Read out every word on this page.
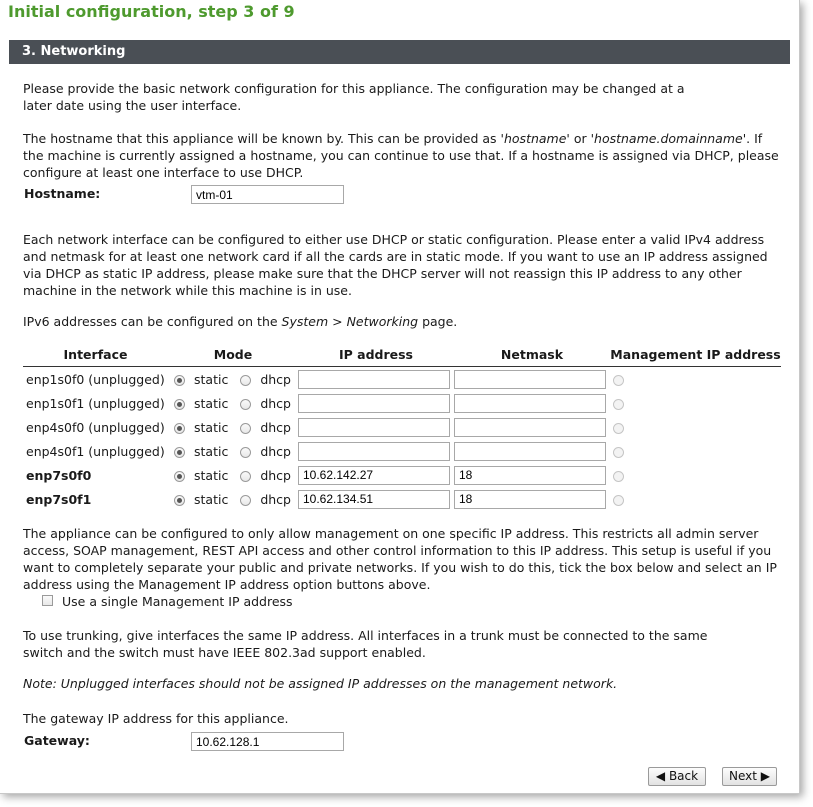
Initial configuration, step 3 of 9
3. Networking

Please provide the basic network configuration for this appliance. The configuration may be changed at a later date using the user interface.

The hostname that this appliance will be known by. This can be provided as 'hostname' or 'hostname.domainname'. If the machine is currently assigned a hostname, you can continue to use that. If a hostname is assigned via DHCP, please configure at least one interface to use DHCP.

Hostname:
vtm-01

Each network interface can be configured to either use DHCP or static configuration. Please enter a valid IPv4 address and netmask for at least one network card if all the cards are in static mode. If you want to use an IP address assigned via DHCP as static IP address, please make sure that the DHCP server will not reassign this IP address to any other machine in the network while this machine is in use.

IPv6 addresses can be configured on the System > Networking page.

Interface	Mode	IP address	Netmask	Management IP address
enp1s0f0 (unplugged)	static dhcp	

enp1s0f1 (unplugged)	static dhcp	

enp4s0f0 (unplugged)	static dhcp	

enp4s0f1 (unplugged)	static dhcp	

enp7s0f0	static dhcp	
10.62.142.27	
18	
enp7s0f1	static dhcp	
10.62.134.51	
18	

The appliance can be configured to only allow management on one specific IP address. This restricts all admin server access, SOAP management, REST API access and other control information to this IP address. This setup is useful if you want to completely separate your public and private networks. If you wish to do this, tick the box below and select an IP address using the Management IP address option buttons above.

Use a single Management IP address

To use trunking, give interfaces the same IP address. All interfaces in a trunk must be connected to the same switch and the switch must have IEEE 802.3ad support enabled.

Note: Unplugged interfaces should not be assigned IP addresses on the management network.

The gateway IP address for this appliance.

Gateway:
10.62.128.1
◀ Back	Next ▶
